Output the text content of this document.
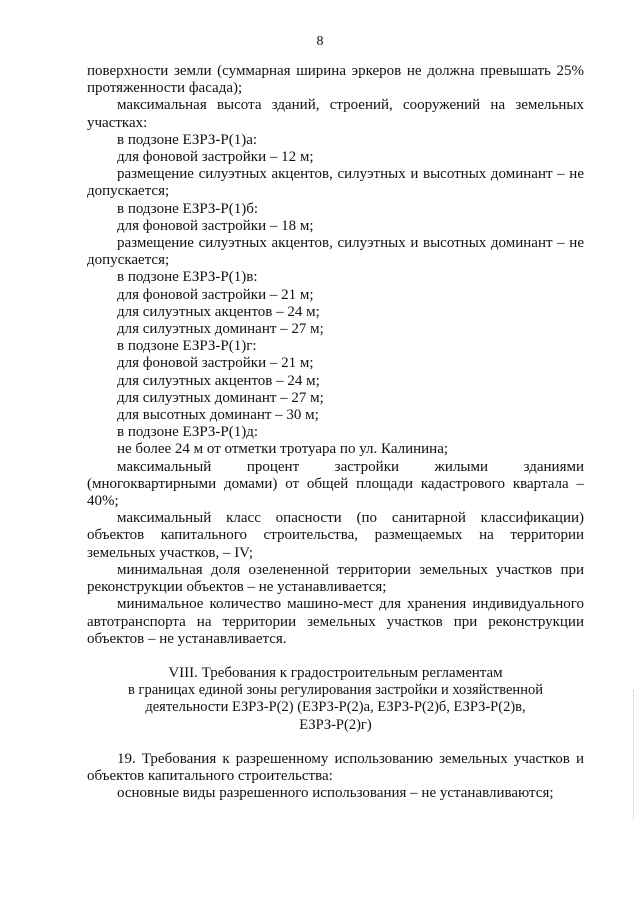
8

поверхности земли (суммарная ширина эркеров не должна превышать 25% протяженности фасада);

максимальная высота зданий, строений, сооружений на земельных участках:

в подзоне ЕЗРЗ-Р(1)а:

для фоновой застройки – 12 м;

размещение силуэтных акцентов, силуэтных и высотных доминант – не допускается;

в подзоне ЕЗРЗ-Р(1)б:

для фоновой застройки – 18 м;

размещение силуэтных акцентов, силуэтных и высотных доминант – не допускается;

в подзоне ЕЗРЗ-Р(1)в:

для фоновой застройки – 21 м;

для силуэтных акцентов – 24 м;

для силуэтных доминант – 27 м;

в подзоне ЕЗРЗ-Р(1)г:

для фоновой застройки – 21 м;

для силуэтных акцентов – 24 м;

для силуэтных доминант – 27 м;

для высотных доминант – 30 м;

в подзоне ЕЗРЗ-Р(1)д:

не более 24 м от отметки тротуара по ул. Калинина;

максимальный процент застройки жилыми зданиями (многоквартирными домами) от общей площади кадастрового квартала – 40%;

максимальный класс опасности (по санитарной классификации) объектов капитального строительства, размещаемых на территории земельных участков, – IV;

минимальная доля озелененной территории земельных участков при реконструкции объектов – не устанавливается;

минимальное количество машино-мест для хранения индивидуального автотранспорта на территории земельных участков при реконструкции объектов – не устанавливается.

VIII. Требования к градостроительным регламентам
в границах единой зоны регулирования застройки и хозяйственной
деятельности ЕЗРЗ-Р(2) (ЕЗРЗ-Р(2)а, ЕЗРЗ-Р(2)б, ЕЗРЗ-Р(2)в,
ЕЗРЗ-Р(2)г)

19. Требования к разрешенному использованию земельных участков и объектов капитального строительства:

основные виды разрешенного использования – не устанавливаются;
